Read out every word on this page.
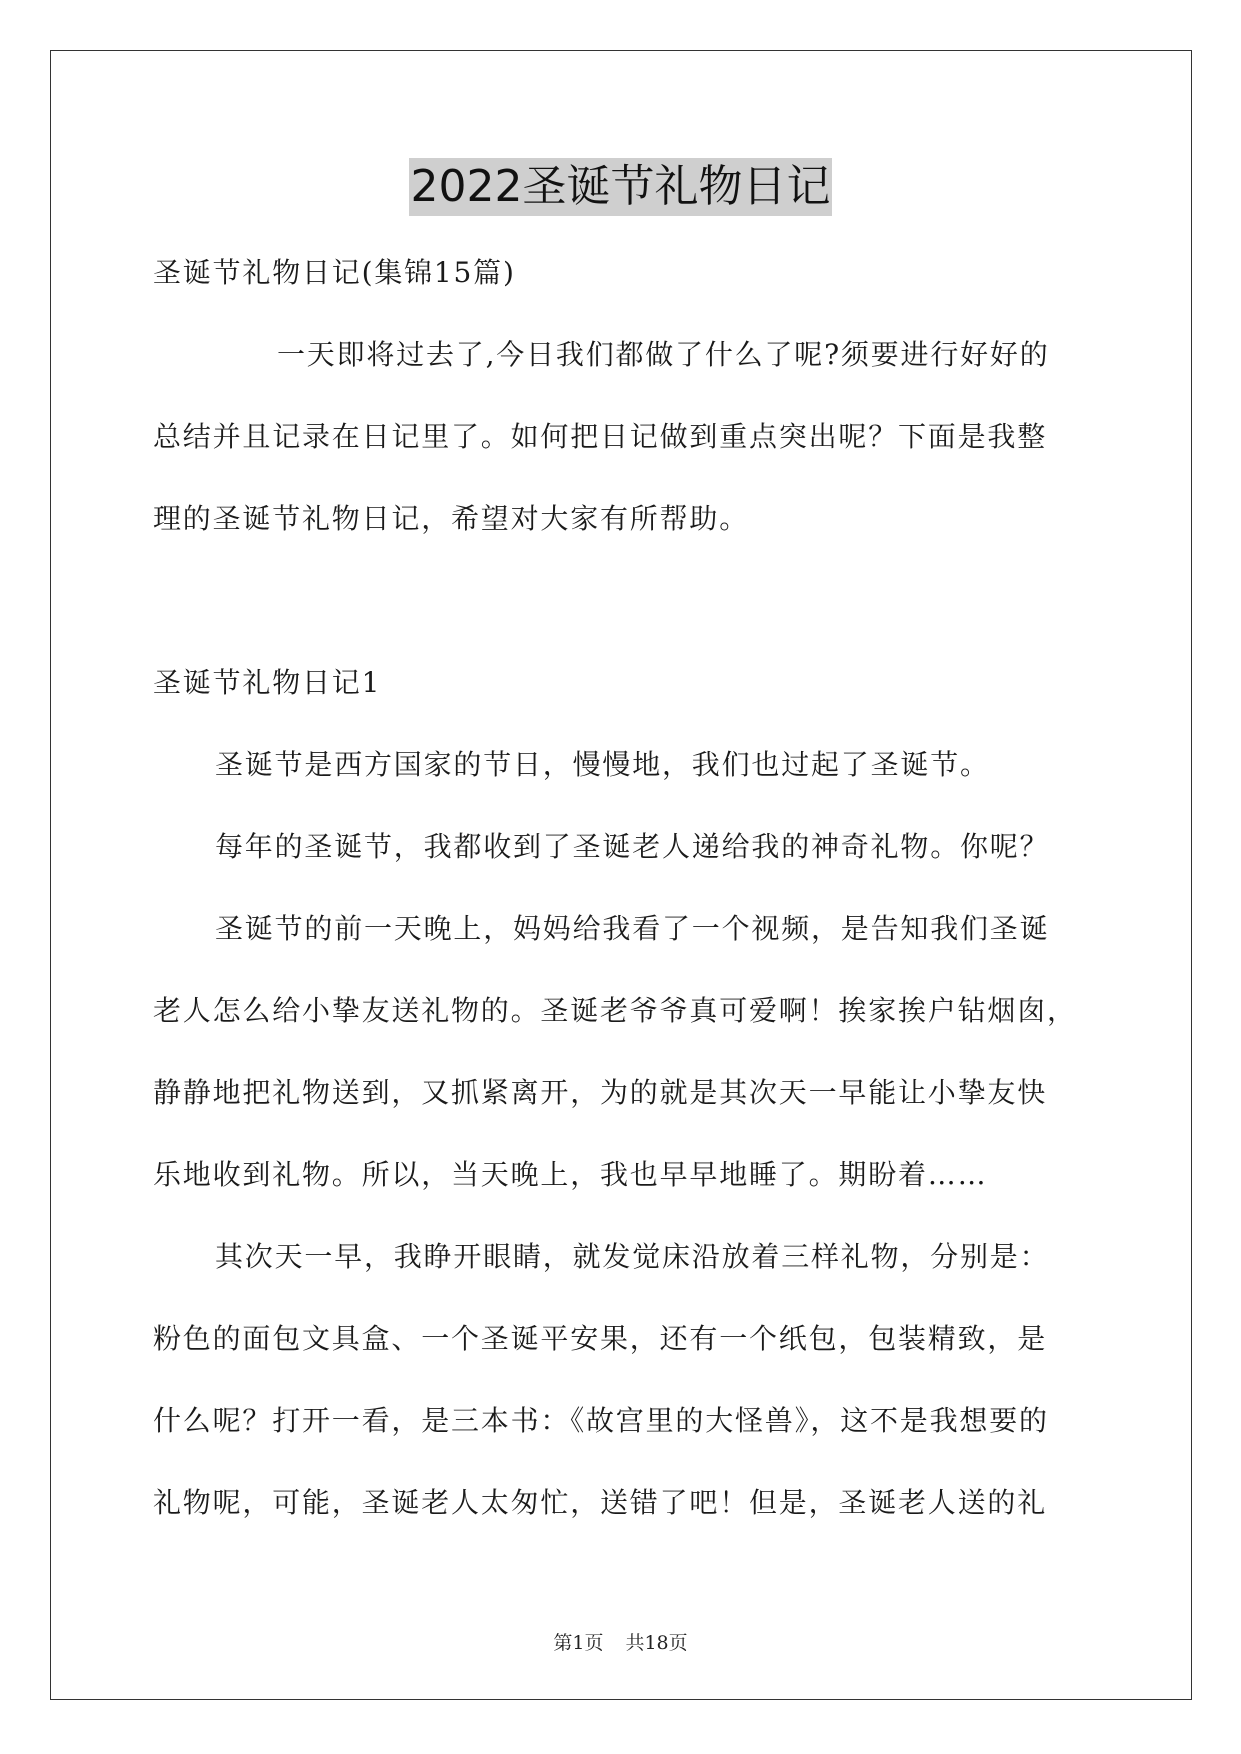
2022圣诞节礼物日记
圣诞节礼物日记(集锦15篇)
一天即将过去了,今日我们都做了什么了呢?须要进行好好的
总结并且记录在日记里了。如何把日记做到重点突出呢？下面是我整
理的圣诞节礼物日记，希望对大家有所帮助。
圣诞节礼物日记1
圣诞节是西方国家的节日，慢慢地，我们也过起了圣诞节。
每年的圣诞节，我都收到了圣诞老人递给我的神奇礼物。你呢？
圣诞节的前一天晚上，妈妈给我看了一个视频，是告知我们圣诞
老人怎么给小挚友送礼物的。圣诞老爷爷真可爱啊！挨家挨户钻烟囱，
静静地把礼物送到，又抓紧离开，为的就是其次天一早能让小挚友快
乐地收到礼物。所以，当天晚上，我也早早地睡了。期盼着……
其次天一早，我睁开眼睛，就发觉床沿放着三样礼物，分别是：
粉色的面包文具盒、一个圣诞平安果，还有一个纸包，包装精致，是
什么呢？打开一看，是三本书：《故宫里的大怪兽》，这不是我想要的
礼物呢，可能，圣诞老人太匆忙，送错了吧！但是，圣诞老人送的礼
第1页 共18页
